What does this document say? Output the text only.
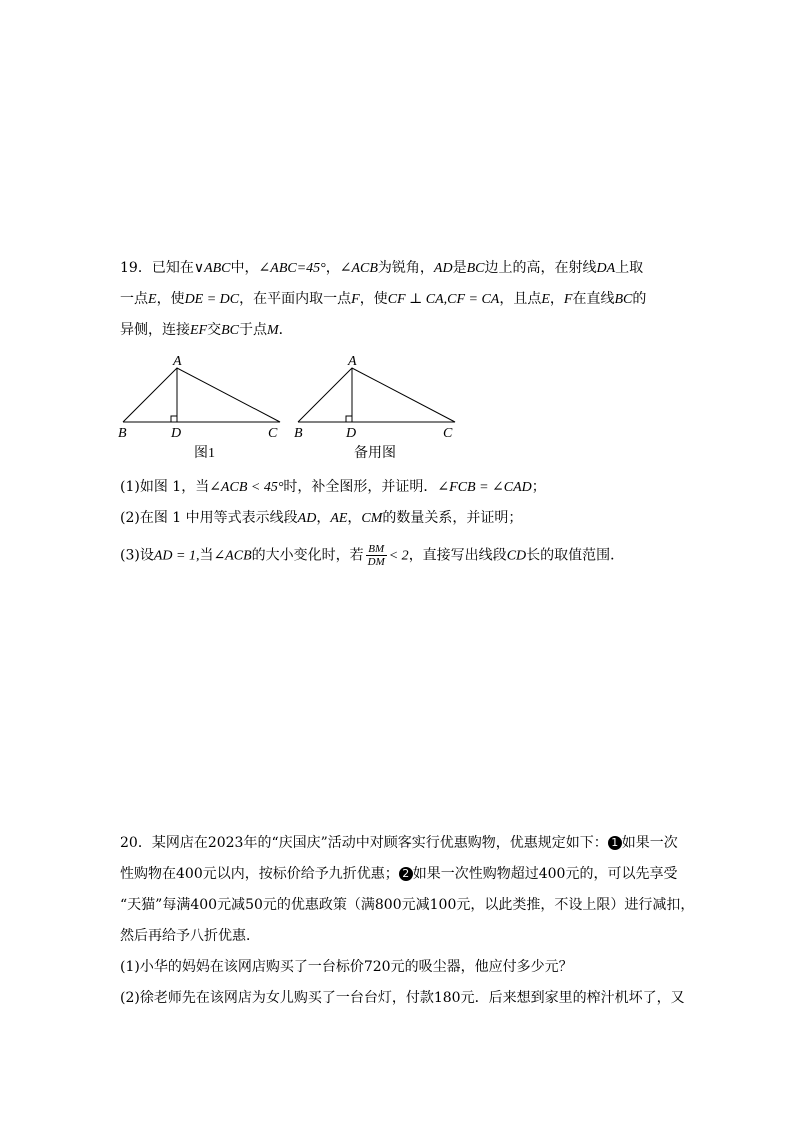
19．已知在∨ABC中，∠ABC=45°，∠ACB为锐角，AD是BC边上的高，在射线DA上取
一点E，使DE = DC，在平面内取一点F，使CF ⊥ CA,CF = CA，且点E，F在直线BC的
异侧，连接EF交BC于点M．
A
B	D	C
图1
A
B	D	C
备用图
(1)如图 1，当∠ACB < 45°时，补全图形，并证明．∠FCB = ∠CAD；
(2)在图 1 中用等式表示线段AD，AE，CM的数量关系，并证明；
(3)设AD = 1,当∠ACB的大小变化时，若 $\frac{BM}{DM} < 2$，直接写出线段CD长的取值范围．
20．某网店在2023年的“庆国庆”活动中对顾客实行优惠购物，优惠规定如下： 1 如果一次
性购物在400元以内，按标价给予九折优惠； 2 如果一次性购物超过400元的，可以先享受
“天猫”每满400元减50元的优惠政策（满800元减100元，以此类推，不设上限）进行减扣，
然后再给予八折优惠．
(1)小华的妈妈在该网店购买了一台标价720元的吸尘器，他应付多少元？
(2)徐老师先在该网店为女儿购买了一台台灯，付款180元．后来想到家里的榨汁机坏了，又
